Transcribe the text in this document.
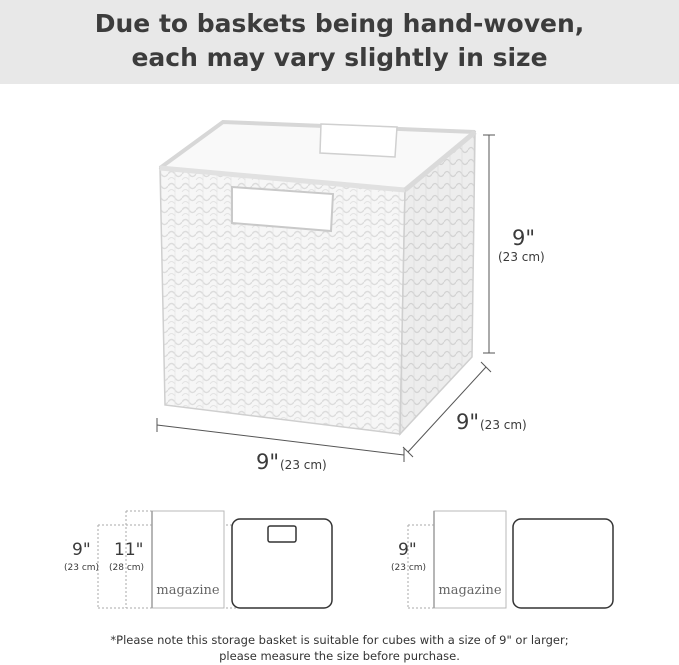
Due to baskets being hand-woven,
each may vary slightly in size
9"
(23 cm)
9" (23 cm)
9" (23 cm)
magazine
9"
(23 cm)
11"
(28 cm)
magazine
9"
(23 cm)
*Please note this storage basket is suitable for cubes with a size of 9" or larger;
please measure the size before purchase.
